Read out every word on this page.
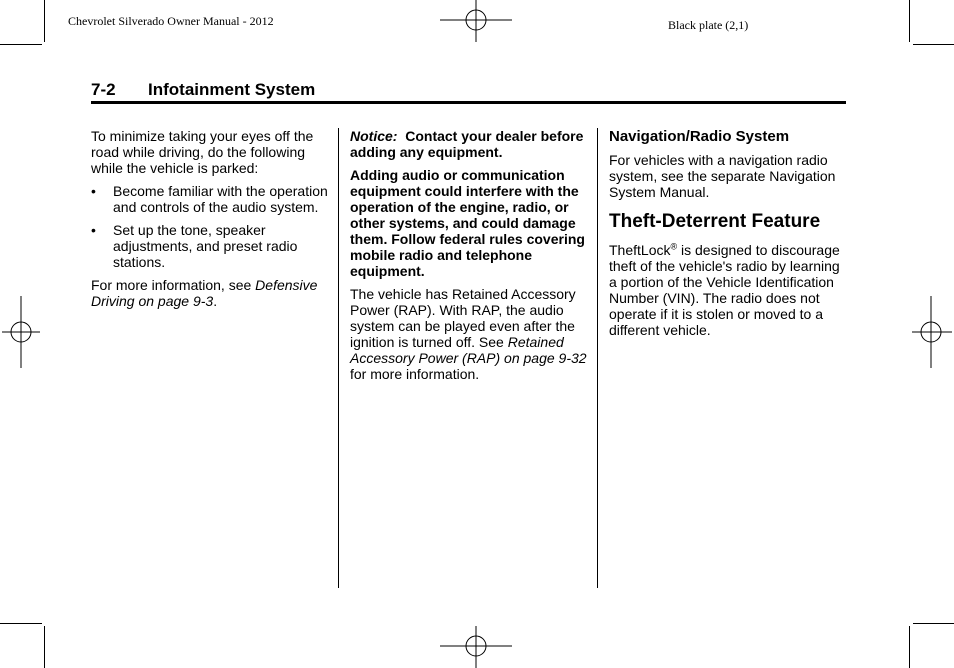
Chevrolet Silverado Owner Manual - 2012	Black plate (2,1)
7-2 Infotainment System

To minimize taking your eyes off the road while driving, do the following while the vehicle is parked:

• Become familiar with the operation and controls of the audio system.
• Set up the tone, speaker adjustments, and preset radio stations.

For more information, see Defensive Driving on page 9-3.

Notice: Contact your dealer before adding any equipment.

Adding audio or communication equipment could interfere with the operation of the engine, radio, or other systems, and could damage them. Follow federal rules covering mobile radio and telephone equipment.

The vehicle has Retained Accessory Power (RAP). With RAP, the audio system can be played even after the ignition is turned off. See Retained Accessory Power (RAP) on page 9-32 for more information.

Navigation/Radio System

For vehicles with a navigation radio system, see the separate Navigation System Manual.

Theft-Deterrent Feature

TheftLock® is designed to discourage theft of the vehicle's radio by learning a portion of the Vehicle Identification Number (VIN). The radio does not operate if it is stolen or moved to a different vehicle.
